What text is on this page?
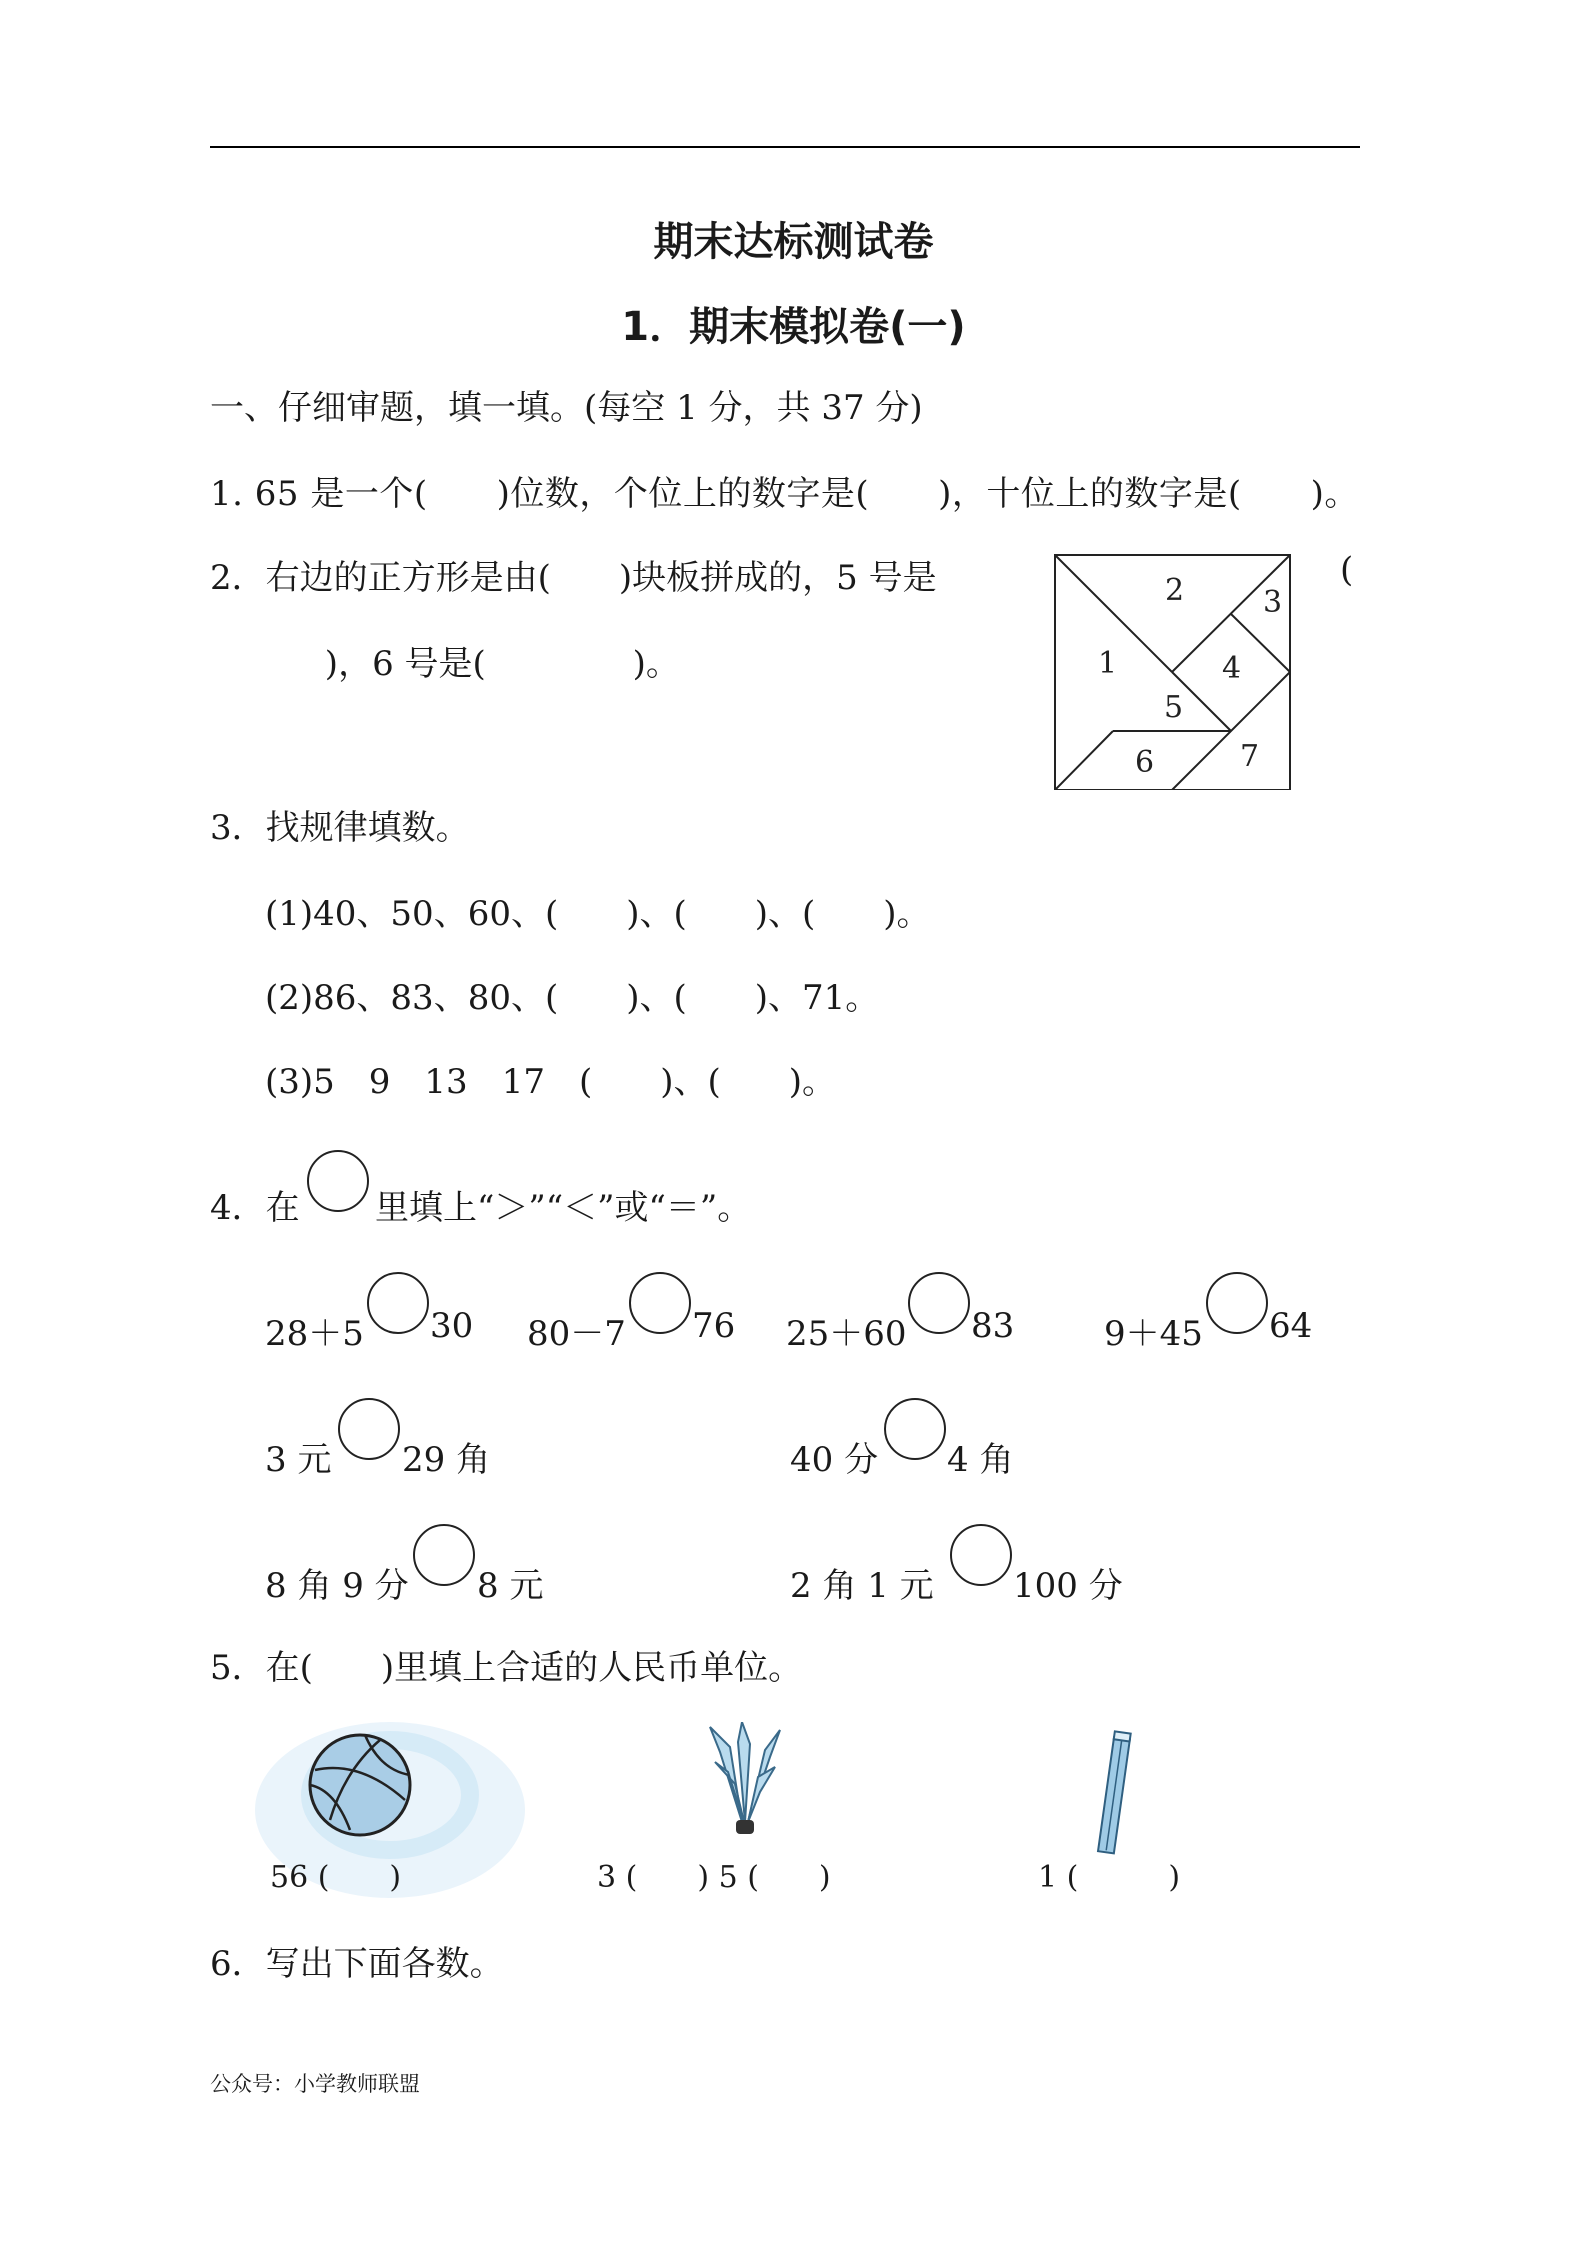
期末达标测试卷
1．期末模拟卷(一)
一、仔细审题，填一填。(每空 1 分，共 37 分)
1. 65 是一个(　　)位数，个位上的数字是(　　)，十位上的数字是(　　)。
2．右边的正方形是由(　　)块板拼成的，5 号是	(
　 )，6 号是(　　　　 )。	1
2	3
4
5
6	7
3．找规律填数。
(1)40、50、60、(　　)、(　　)、(　　)。
(2)86、83、80、(　　)、(　　)、71。
(3)5　9　13　17　(　　)、(　　)。
4．在 里填上“＞”“＜”或“＝”。
28＋5 30 80－7 76 25＋60 83	9＋45 64
3 元 29 角	40 分 4 角
8 角 9 分 8 元	2 角 1 元 100 分
5．在(　　)里填上合适的人民币单位。
56 (　　)	3 (　　) 5 (　　)	1 (　　　)
6．写出下面各数。
公众号：小学教师联盟
